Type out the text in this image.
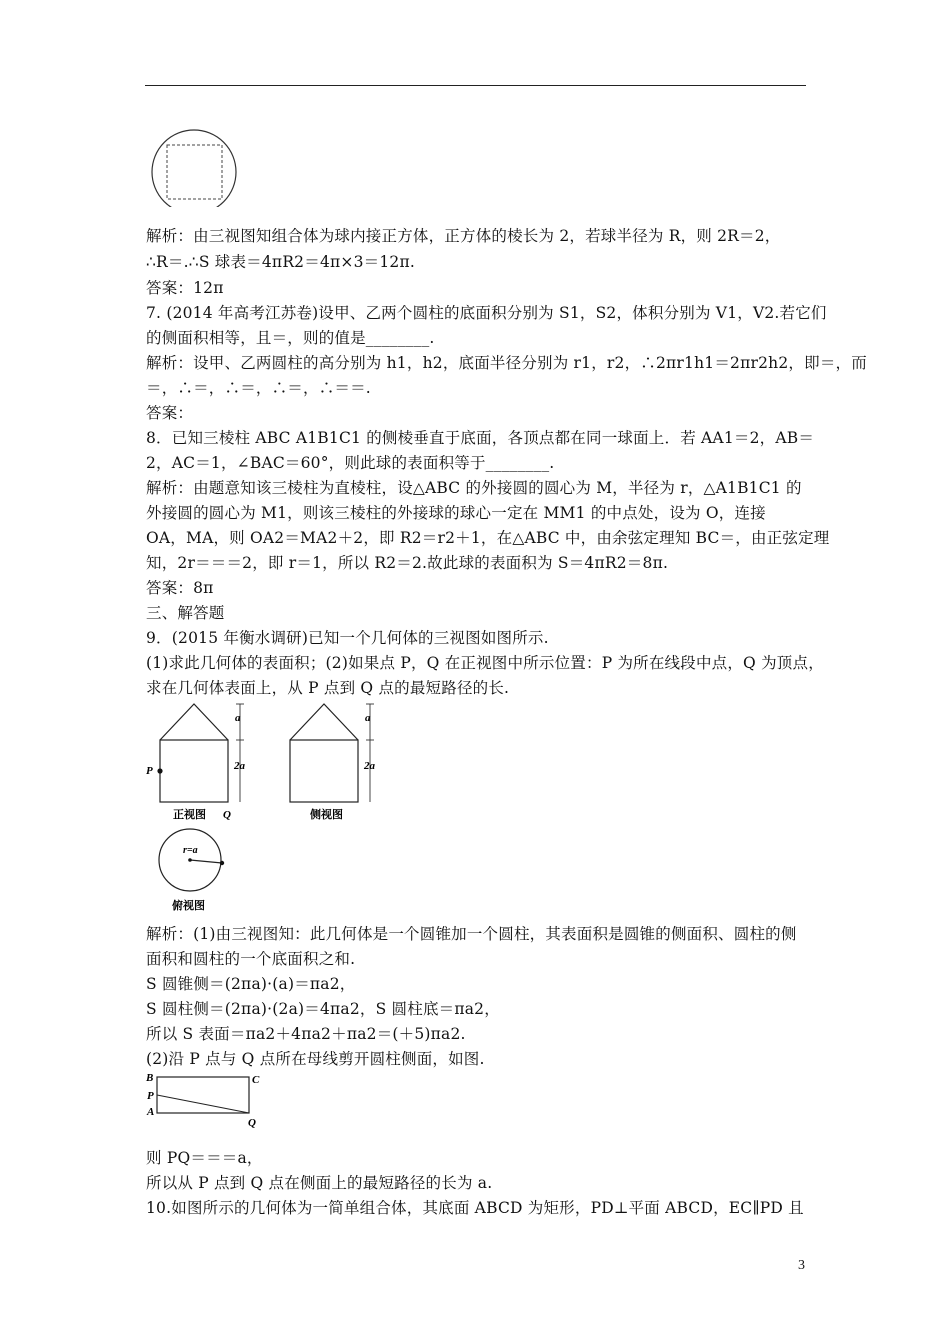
解析：由三视图知组合体为球内接正方体，正方体的棱长为 2，若球半径为 R，则 2R＝2，
∴R＝.∴S 球表＝4πR2＝4π×3＝12π.
答案：12π
7. (2014 年高考江苏卷)设甲、乙两个圆柱的底面积分别为 S1，S2，体积分别为 V1，V2.若它们
的侧面积相等，且＝，则的值是________.
解析：设甲、乙两圆柱的高分别为 h1，h2，底面半径分别为 r1，r2，∴2πr1h1＝2πr2h2，即＝，而
＝，∴＝，∴＝，∴＝，∴＝＝.
答案：
8．已知三棱柱 ABC A1B1C1 的侧棱垂直于底面，各顶点都在同一球面上．若 AA1＝2，AB＝
2，AC＝1，∠BAC＝60°，则此球的表面积等于________.
解析：由题意知该三棱柱为直棱柱，设△ABC 的外接圆的圆心为 M，半径为 r，△A1B1C1 的
外接圆的圆心为 M1，则该三棱柱的外接球的球心一定在 MM1 的中点处，设为 O，连接
OA，MA，则 OA2＝MA2＋2，即 R2＝r2＋1，在△ABC 中，由余弦定理知 BC＝，由正弦定理
知，2r＝＝＝2，即 r＝1，所以 R2＝2.故此球的表面积为 S＝4πR2＝8π.
答案：8π
三、解答题
9．(2015 年衡水调研)已知一个几何体的三视图如图所示.
(1)求此几何体的表面积；(2)如果点 P，Q 在正视图中所示位置：P 为所在线段中点，Q 为顶点，
求在几何体表面上，从 P 点到 Q 点的最短路径的长.
a
2a
P
Q
正视图
a
2a
侧视图
r=a
俯视图
解析：(1)由三视图知：此几何体是一个圆锥加一个圆柱，其表面积是圆锥的侧面积、圆柱的侧
面积和圆柱的一个底面积之和.
S 圆锥侧＝(2πa)·(a)＝πa2，
S 圆柱侧＝(2πa)·(2a)＝4πa2，S 圆柱底＝πa2，
所以 S 表面＝πa2＋4πa2＋πa2＝(＋5)πa2.
(2)沿 P 点与 Q 点所在母线剪开圆柱侧面，如图.
B	C
P
A
Q
则 PQ＝＝＝a，
所以从 P 点到 Q 点在侧面上的最短路径的长为 a.
10.如图所示的几何体为一简单组合体，其底面 ABCD 为矩形，PD⊥平面 ABCD，EC∥PD 且
3
